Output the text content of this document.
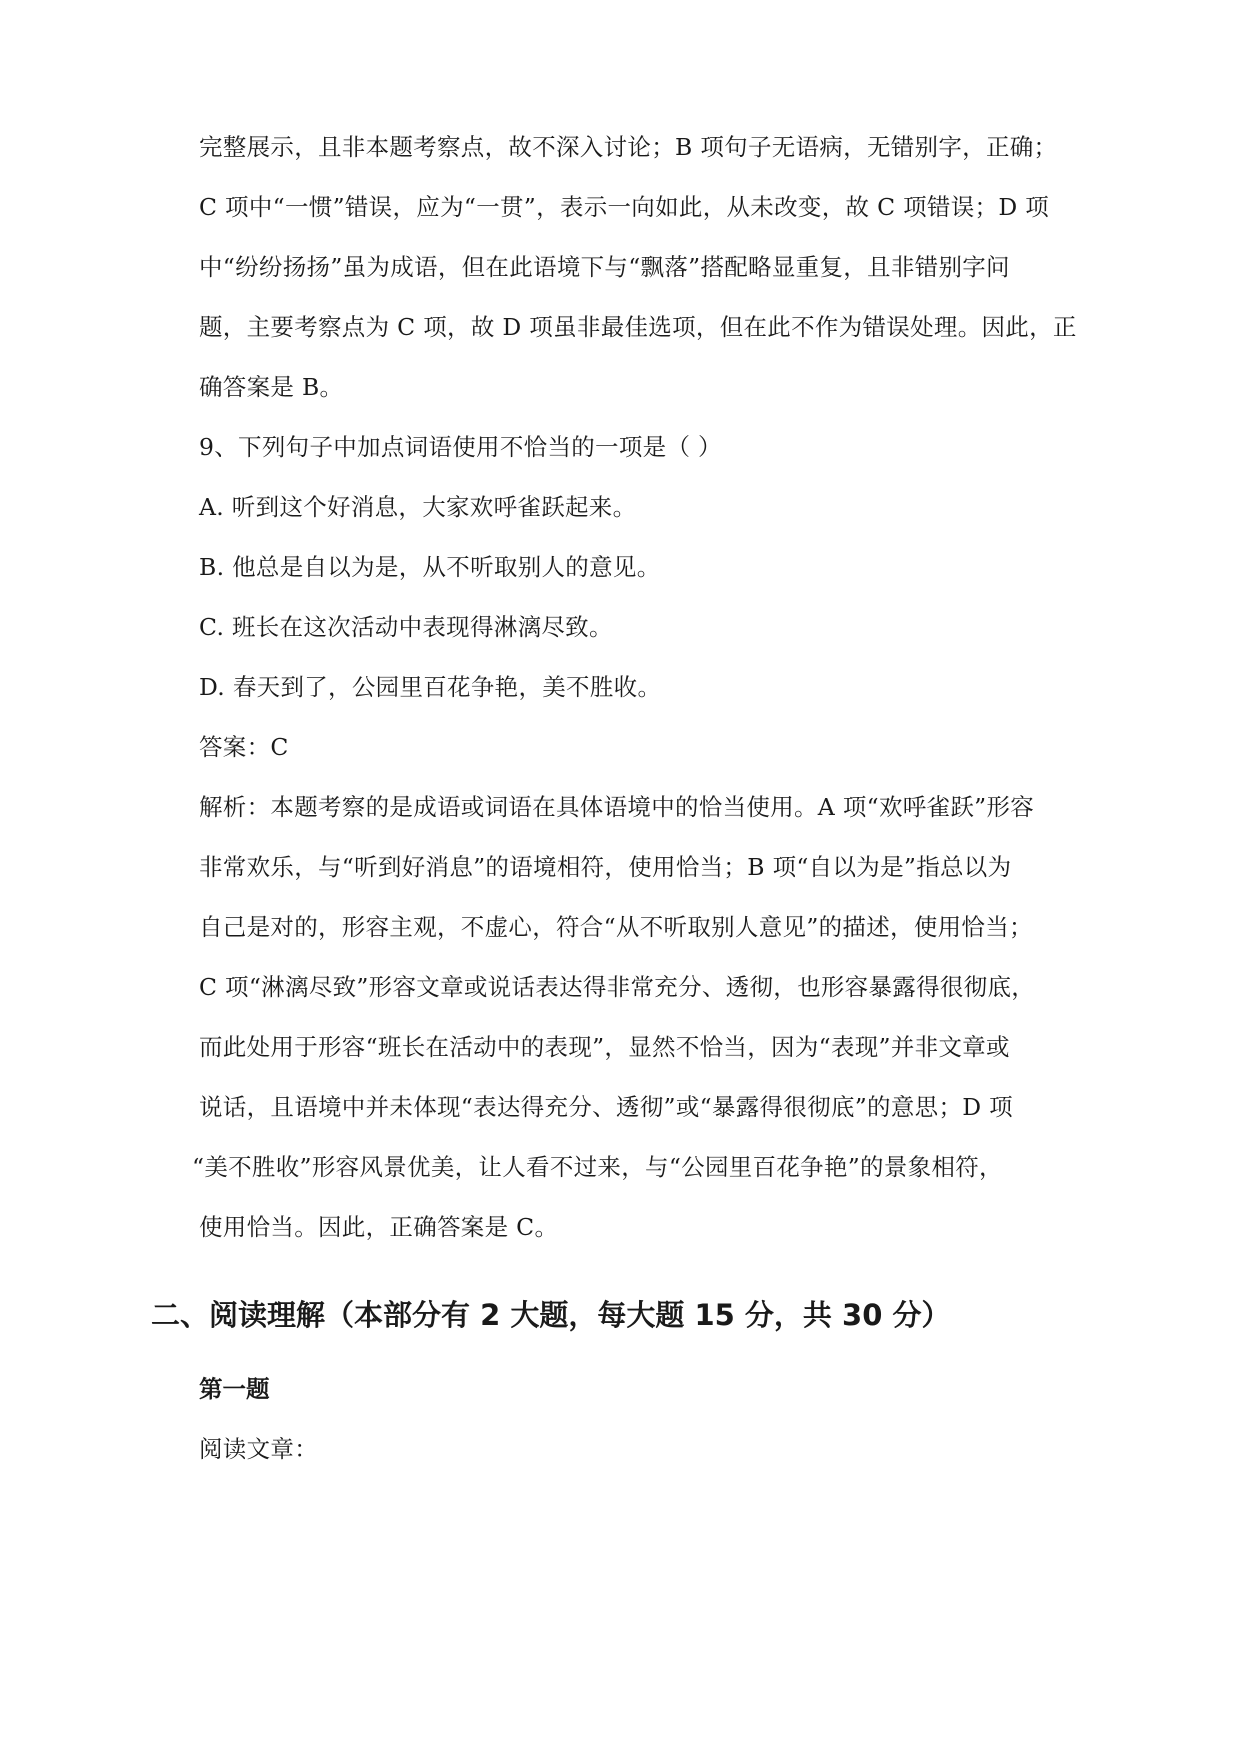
完整展示，且非本题考察点，故不深入讨论；B 项句子无语病，无错别字，正确；
C 项中“一惯”错误，应为“一贯”，表示一向如此，从未改变，故 C 项错误；D 项
中“纷纷扬扬”虽为成语，但在此语境下与“飘落”搭配略显重复，且非错别字问
题，主要考察点为 C 项，故 D 项虽非最佳选项，但在此不作为错误处理。因此，正
确答案是 B。
9、下列句子中加点词语使用不恰当的一项是（ ）
A. 听到这个好消息，大家欢呼雀跃起来。
B. 他总是自以为是，从不听取别人的意见。
C. 班长在这次活动中表现得淋漓尽致。
D. 春天到了，公园里百花争艳，美不胜收。
答案：C
解析：本题考察的是成语或词语在具体语境中的恰当使用。A 项“欢呼雀跃”形容
非常欢乐，与“听到好消息”的语境相符，使用恰当；B 项“自以为是”指总以为
自己是对的，形容主观，不虚心，符合“从不听取别人意见”的描述，使用恰当；
C 项“淋漓尽致”形容文章或说话表达得非常充分、透彻，也形容暴露得很彻底，
而此处用于形容“班长在活动中的表现”，显然不恰当，因为“表现”并非文章或
说话，且语境中并未体现“表达得充分、透彻”或“暴露得很彻底”的意思；D 项
“美不胜收”形容风景优美，让人看不过来，与“公园里百花争艳”的景象相符，
使用恰当。因此，正确答案是 C。
二、阅读理解（本部分有 2 大题，每大题 15 分，共 30 分）
第一题
阅读文章：
